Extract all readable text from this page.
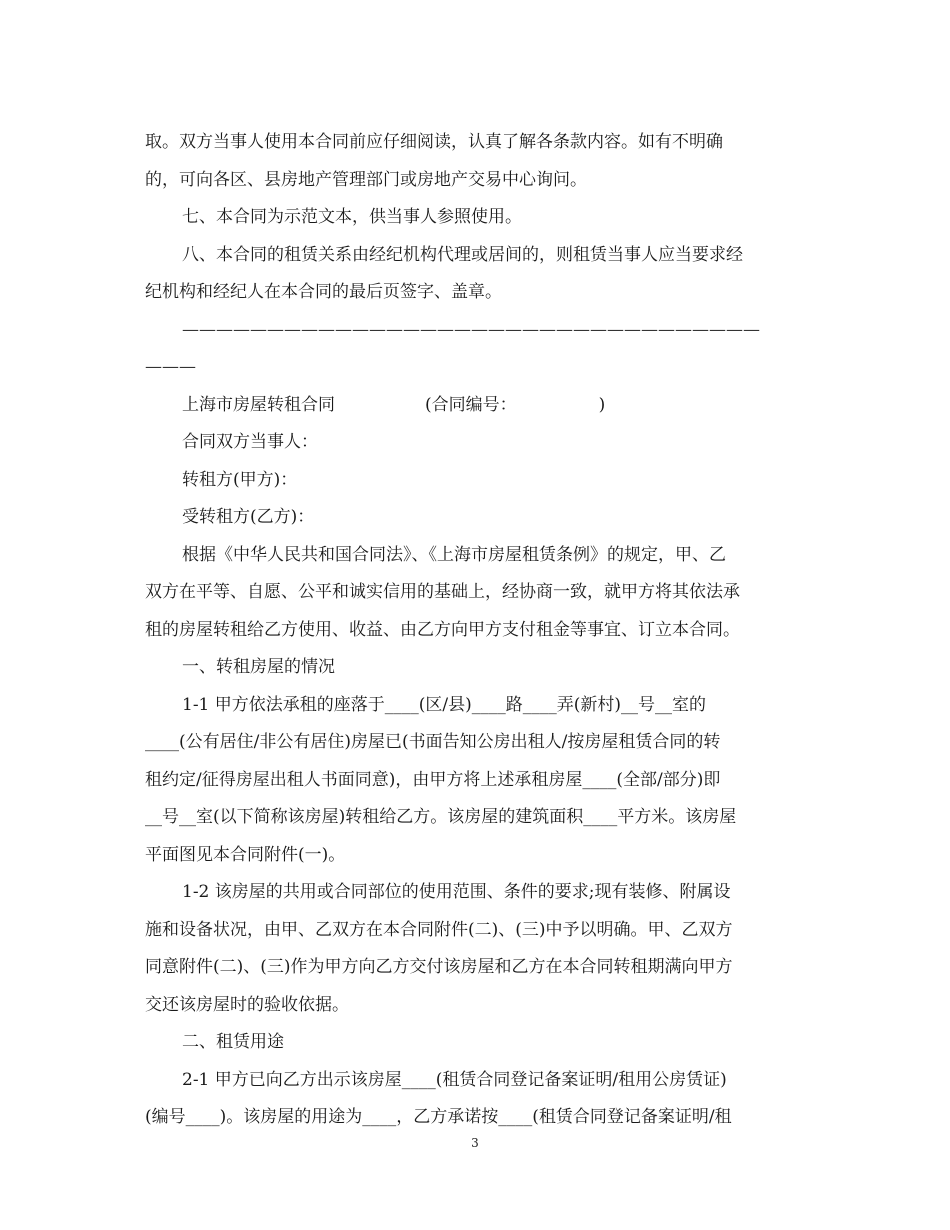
取。双方当事人使用本合同前应仔细阅读，认真了解各条款内容。如有不明确
的，可向各区、县房地产管理部门或房地产交易中心询问。
七、本合同为示范文本，供当事人参照使用。
八、本合同的租赁关系由经纪机构代理或居间的，则租赁当事人应当要求经
纪机构和经纪人在本合同的最后页签字、盖章。
——————————————————————————————————
———
上海市房屋转租合同	(合同编号：	)
合同双方当事人：
转租方(甲方)：
受转租方(乙方)：
根据《中华人民共和国合同法》、《上海市房屋租赁条例》的规定，甲、乙
双方在平等、自愿、公平和诚实信用的基础上，经协商一致，就甲方将其依法承
租的房屋转租给乙方使用、收益、由乙方向甲方支付租金等事宜、订立本合同。
一、转租房屋的情况
1-1 甲方依法承租的座落于____(区/县)____路____弄(新村)__号__室的
____(公有居住/非公有居住)房屋已(书面告知公房出租人/按房屋租赁合同的转
租约定/征得房屋出租人书面同意)，由甲方将上述承租房屋____(全部/部分)即
__号__室(以下简称该房屋)转租给乙方。该房屋的建筑面积____平方米。该房屋
平面图见本合同附件(一)。
1-2 该房屋的共用或合同部位的使用范围、条件的要求;现有装修、附属设
施和设备状况，由甲、乙双方在本合同附件(二)、(三)中予以明确。甲、乙双方
同意附件(二)、(三)作为甲方向乙方交付该房屋和乙方在本合同转租期满向甲方
交还该房屋时的验收依据。
二、租赁用途
2-1 甲方已向乙方出示该房屋____(租赁合同登记备案证明/租用公房赁证)
(编号____)。该房屋的用途为____，乙方承诺按____(租赁合同登记备案证明/租
3
